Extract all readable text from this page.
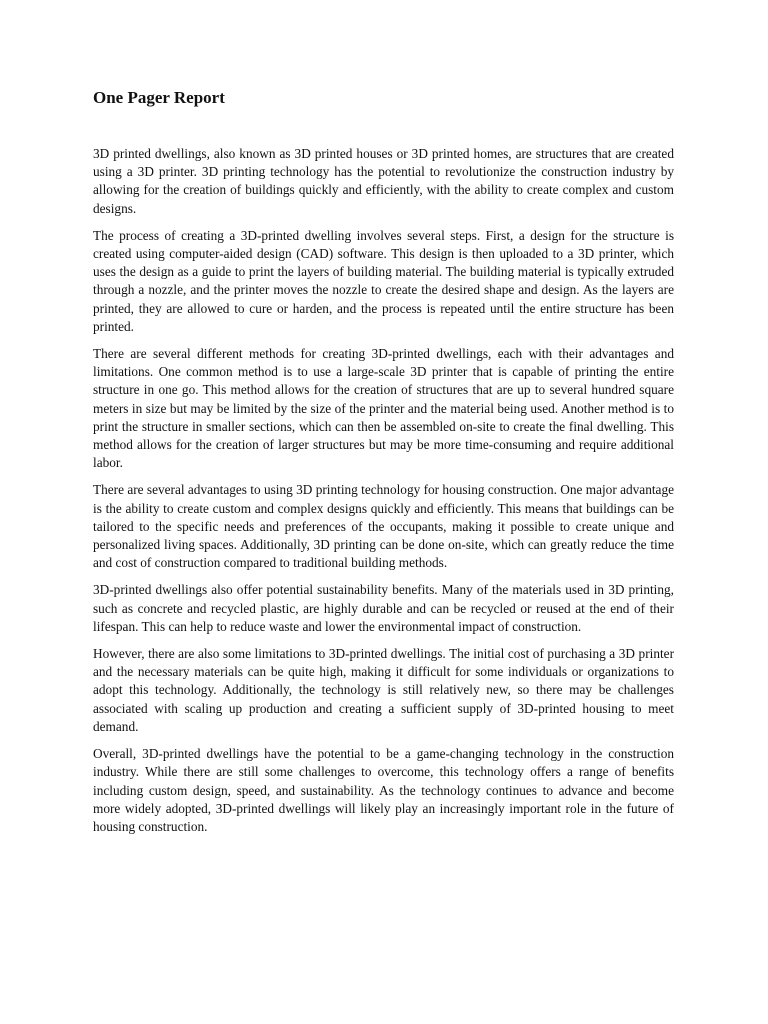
One Pager Report

3D printed dwellings, also known as 3D printed houses or 3D printed homes, are structures that are created using a 3D printer. 3D printing technology has the potential to revolutionize the construction industry by allowing for the creation of buildings quickly and efficiently, with the ability to create complex and custom designs.

The process of creating a 3D-printed dwelling involves several steps. First, a design for the structure is created using computer-aided design (CAD) software. This design is then uploaded to a 3D printer, which uses the design as a guide to print the layers of building material. The building material is typically extruded through a nozzle, and the printer moves the nozzle to create the desired shape and design. As the layers are printed, they are allowed to cure or harden, and the process is repeated until the entire structure has been printed.

There are several different methods for creating 3D-printed dwellings, each with their advantages and limitations. One common method is to use a large-scale 3D printer that is capable of printing the entire structure in one go. This method allows for the creation of structures that are up to several hundred square meters in size but may be limited by the size of the printer and the material being used. Another method is to print the structure in smaller sections, which can then be assembled on-site to create the final dwelling. This method allows for the creation of larger structures but may be more time-consuming and require additional labor.

There are several advantages to using 3D printing technology for housing construction. One major advantage is the ability to create custom and complex designs quickly and efficiently. This means that buildings can be tailored to the specific needs and preferences of the occupants, making it possible to create unique and personalized living spaces. Additionally, 3D printing can be done on-site, which can greatly reduce the time and cost of construction compared to traditional building methods.

3D-printed dwellings also offer potential sustainability benefits. Many of the materials used in 3D printing, such as concrete and recycled plastic, are highly durable and can be recycled or reused at the end of their lifespan. This can help to reduce waste and lower the environmental impact of construction.

However, there are also some limitations to 3D-printed dwellings. The initial cost of purchasing a 3D printer and the necessary materials can be quite high, making it difficult for some individuals or organizations to adopt this technology. Additionally, the technology is still relatively new, so there may be challenges associated with scaling up production and creating a sufficient supply of 3D-printed housing to meet demand.

Overall, 3D-printed dwellings have the potential to be a game-changing technology in the construction industry. While there are still some challenges to overcome, this technology offers a range of benefits including custom design, speed, and sustainability. As the technology continues to advance and become more widely adopted, 3D-printed dwellings will likely play an increasingly important role in the future of housing construction.
